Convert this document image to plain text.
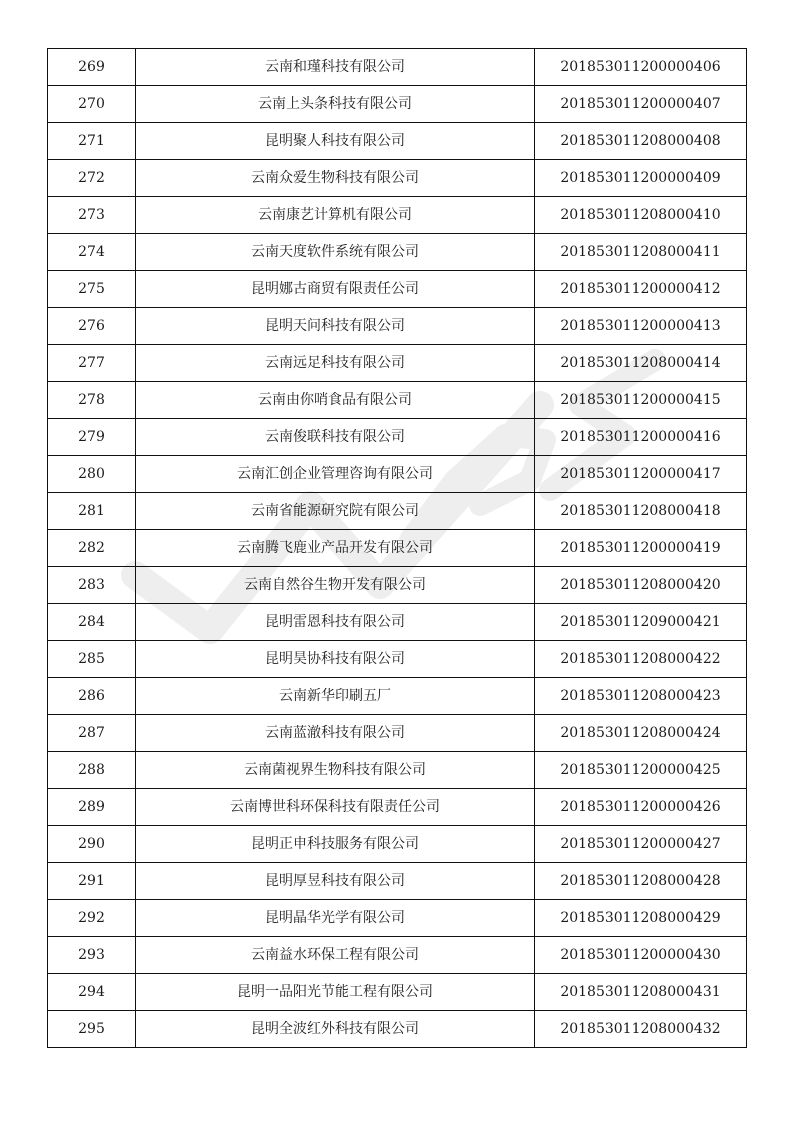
269	云南和瑾科技有限公司	201853011200000406
270	云南上头条科技有限公司	201853011200000407
271	昆明聚人科技有限公司	201853011208000408
272	云南众爱生物科技有限公司	201853011200000409
273	云南康艺计算机有限公司	201853011208000410
274	云南天度软件系统有限公司	201853011208000411
275	昆明娜古商贸有限责任公司	201853011200000412
276	昆明天问科技有限公司	201853011200000413
277	云南远足科技有限公司	201853011208000414
278	云南由你哨食品有限公司	201853011200000415
279	云南俊联科技有限公司	201853011200000416
280	云南汇创企业管理咨询有限公司	201853011200000417
281	云南省能源研究院有限公司	201853011208000418
282	云南腾飞鹿业产品开发有限公司	201853011200000419
283	云南自然谷生物开发有限公司	201853011208000420
284	昆明雷恩科技有限公司	201853011209000421
285	昆明昊协科技有限公司	201853011208000422
286	云南新华印刷五厂	201853011208000423
287	云南蓝澈科技有限公司	201853011208000424
288	云南菌视界生物科技有限公司	201853011200000425
289	云南博世科环保科技有限责任公司	201853011200000426
290	昆明正申科技服务有限公司	201853011200000427
291	昆明厚昱科技有限公司	201853011208000428
292	昆明晶华光学有限公司	201853011208000429
293	云南益水环保工程有限公司	201853011200000430
294	昆明一品阳光节能工程有限公司	201853011208000431
295	昆明全波红外科技有限公司	201853011208000432
